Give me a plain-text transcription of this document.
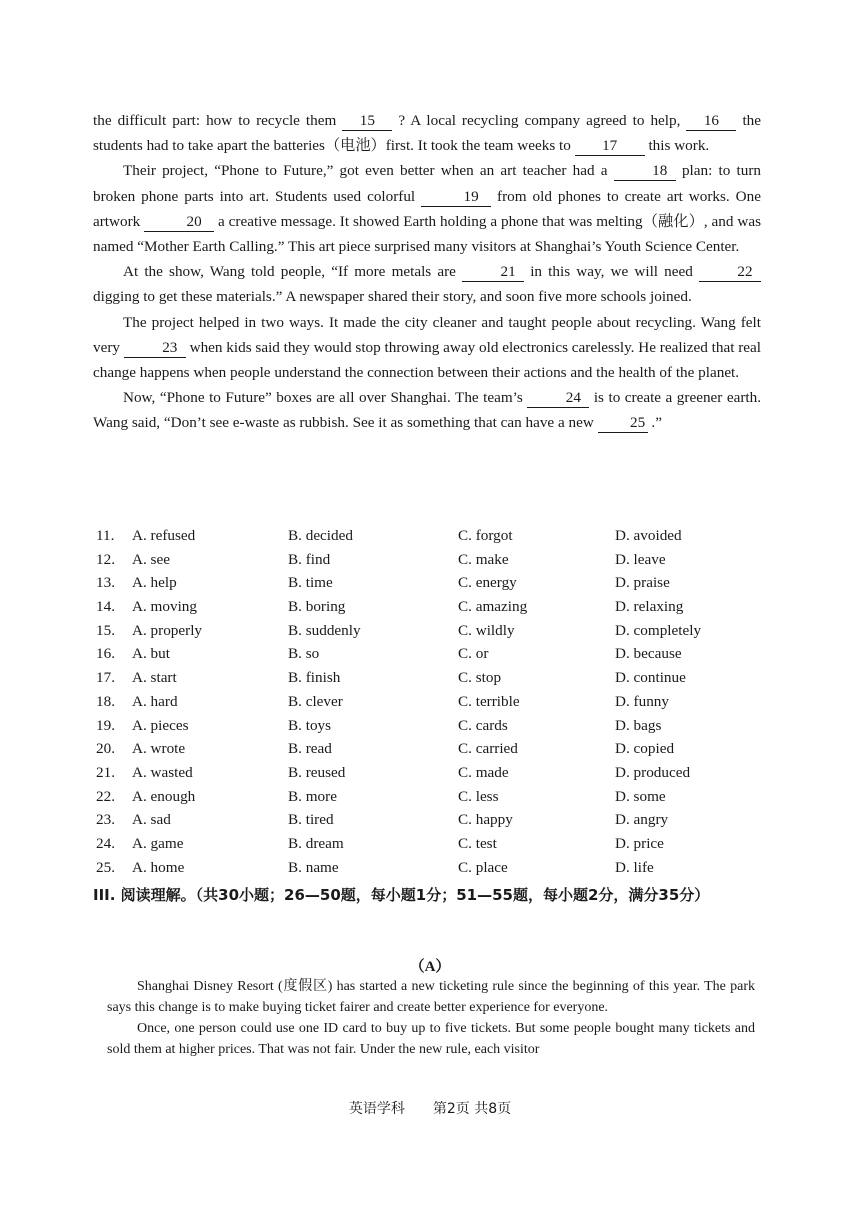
the difficult part: how to recycle them 15 ? A local recycling company agreed to help, 16 the students had to take apart the batteries（电池）first. It took the team weeks to 17 this work.

Their project, “Phone to Future,” got even better when an art teacher had a	18 plan: to turn broken phone parts into art. Students used colorful	19 from old phones to create art works. One artwork	20 a creative message. It showed Earth holding a phone that was melting（融化）, and was named “Mother Earth Calling.” This art piece surprised many visitors at Shanghai’s Youth Science Center.

At the show, Wang told people, “If more metals are	21 in this way, we will need	22 digging to get these materials.” A newspaper shared their story, and soon five more schools joined.

The project helped in two ways. It made the city cleaner and taught people about recycling. Wang felt very	23 when kids said they would stop throwing away old electronics carelessly. He realized that real change happens when people understand the connection between their actions and the health of the planet.

Now, “Phone to Future” boxes are all over Shanghai. The team’s	24 is to create a greener earth. Wang said, “Don’t see e-waste as rubbish. See it as something that can have a new 25 .”

11.	A. refused	B. decided	C. forgot	D. avoided
12.	A. see	B. find	C. make	D. leave
13.	A. help	B. time	C. energy	D. praise
14.	A. moving	B. boring	C. amazing	D. relaxing
15.	A. properly	B. suddenly	C. wildly	D. completely
16.	A. but	B. so	C. or	D. because
17.	A. start	B. finish	C. stop	D. continue
18.	A. hard	B. clever	C. terrible	D. funny
19.	A. pieces	B. toys	C. cards	D. bags
20.	A. wrote	B. read	C. carried	D. copied
21.	A. wasted	B. reused	C. made	D. produced
22.	A. enough	B. more	C. less	D. some
23.	A. sad	B. tired	C. happy	D. angry
24.	A. game	B. dream	C. test	D. price
25.	A. home	B. name	C. place	D. life
III. 阅读理解。（共30小题；26—50题，每小题1分；51—55题，每小题2分，满分35分）
（A）

Shanghai Disney Resort (度假区) has started a new ticketing rule since the beginning of this year. The park says this change is to make buying ticket fairer and create better experience for everyone.

Once, one person could use one ID card to buy up to five tickets. But some people bought many tickets and sold them at higher prices. That was not fair. Under the new rule, each visitor

英语学科　　第2页 共8页
